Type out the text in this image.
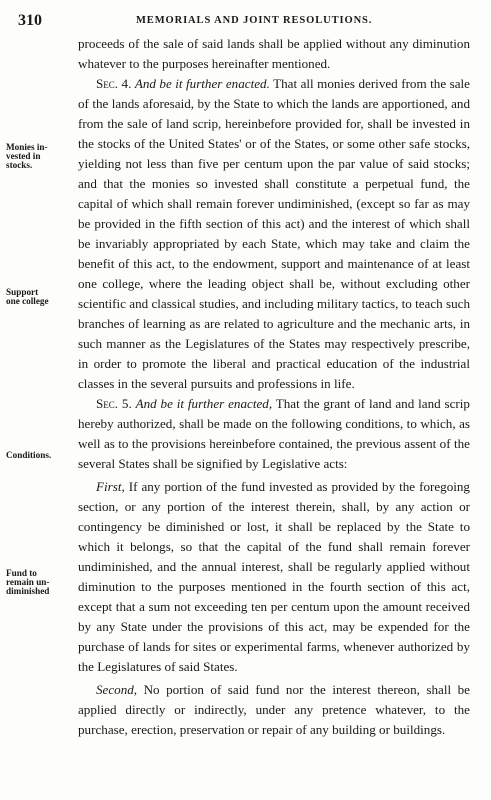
310	MEMORIALS AND JOINT RESOLUTIONS.
Monies in-
vested in
stocks.
Support
one college
Conditions.
Fund to
remain un-
diminished

proceeds of the sale of said lands shall be applied without any diminution whatever to the purposes hereinafter mentioned.

Sec. 4. And be it further enacted. That all monies derived from the sale of the lands aforesaid, by the State to which the lands are apportioned, and from the sale of land scrip, hereinbefore provided for, shall be invested in the stocks of the United States' or of the States, or some other safe stocks, yielding not less than five per centum upon the par value of said stocks; and that the monies so invested shall constitute a perpetual fund, the capital of which shall remain forever undiminished, (except so far as may be provided in the fifth section of this act) and the interest of which shall be invariably appropriated by each State, which may take and claim the benefit of this act, to the endowment, support and maintenance of at least one college, where the leading object shall be, without excluding other scientific and classical studies, and including military tactics, to teach such branches of learning as are related to agriculture and the mechanic arts, in such manner as the Legislatures of the States may respectively prescribe, in order to promote the liberal and practical education of the industrial classes in the several pursuits and professions in life.

Sec. 5. And be it further enacted, That the grant of land and land scrip hereby authorized, shall be made on the following conditions, to which, as well as to the provisions hereinbefore contained, the previous assent of the several States shall be signified by Legislative acts:

First, If any portion of the fund invested as provided by the foregoing section, or any portion of the interest therein, shall, by any action or contingency be diminished or lost, it shall be replaced by the State to which it belongs, so that the capital of the fund shall remain forever undiminished, and the annual interest, shall be regularly applied without diminution to the purposes mentioned in the fourth section of this act, except that a sum not exceeding ten per centum upon the amount received by any State under the provisions of this act, may be expended for the purchase of lands for sites or experimental farms, whenever authorized by the Legislatures of said States.

Second, No portion of said fund nor the interest thereon, shall be applied directly or indirectly, under any pretence whatever, to the purchase, erection, preservation or repair of any building or buildings.
